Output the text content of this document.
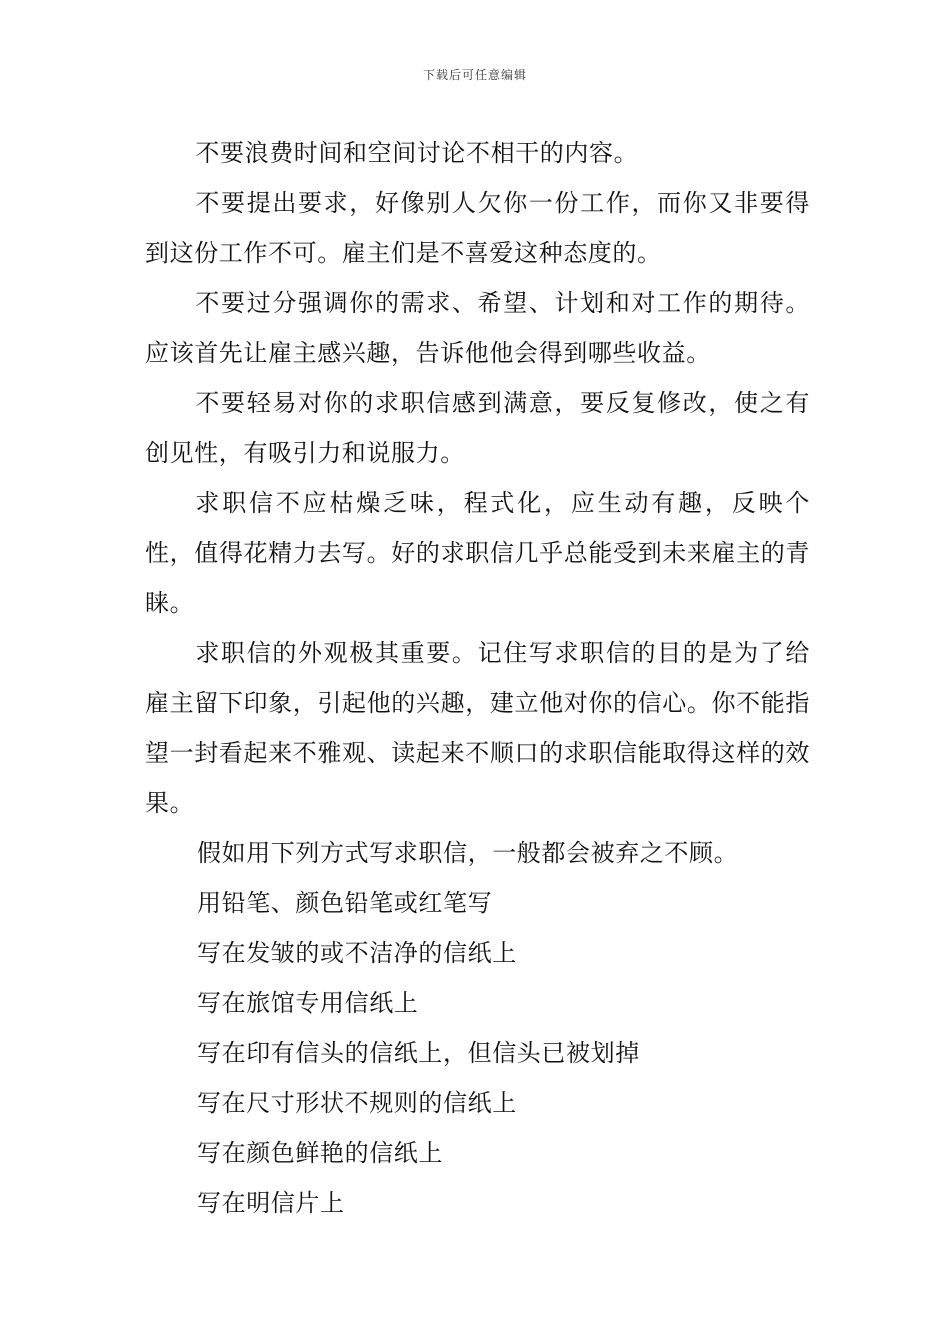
下载后可任意编辑

不要浪费时间和空间讨论不相干的内容。

不要提出要求，好像别人欠你一份工作，而你又非要得到这份工作不可。雇主们是不喜爱这种态度的。

不要过分强调你的需求、希望、计划和对工作的期待。应该首先让雇主感兴趣，告诉他他会得到哪些收益。

不要轻易对你的求职信感到满意，要反复修改，使之有创见性，有吸引力和说服力。

求职信不应枯燥乏味，程式化，应生动有趣，反映个性，值得花精力去写。好的求职信几乎总能受到未来雇主的青睐。

求职信的外观极其重要。记住写求职信的目的是为了给雇主留下印象，引起他的兴趣，建立他对你的信心。你不能指望一封看起来不雅观、读起来不顺口的求职信能取得这样的效果。

假如用下列方式写求职信，一般都会被弃之不顾。

用铅笔、颜色铅笔或红笔写

写在发皱的或不洁净的信纸上

写在旅馆专用信纸上

写在印有信头的信纸上，但信头已被划掉

写在尺寸形状不规则的信纸上

写在颜色鲜艳的信纸上

写在明信片上
